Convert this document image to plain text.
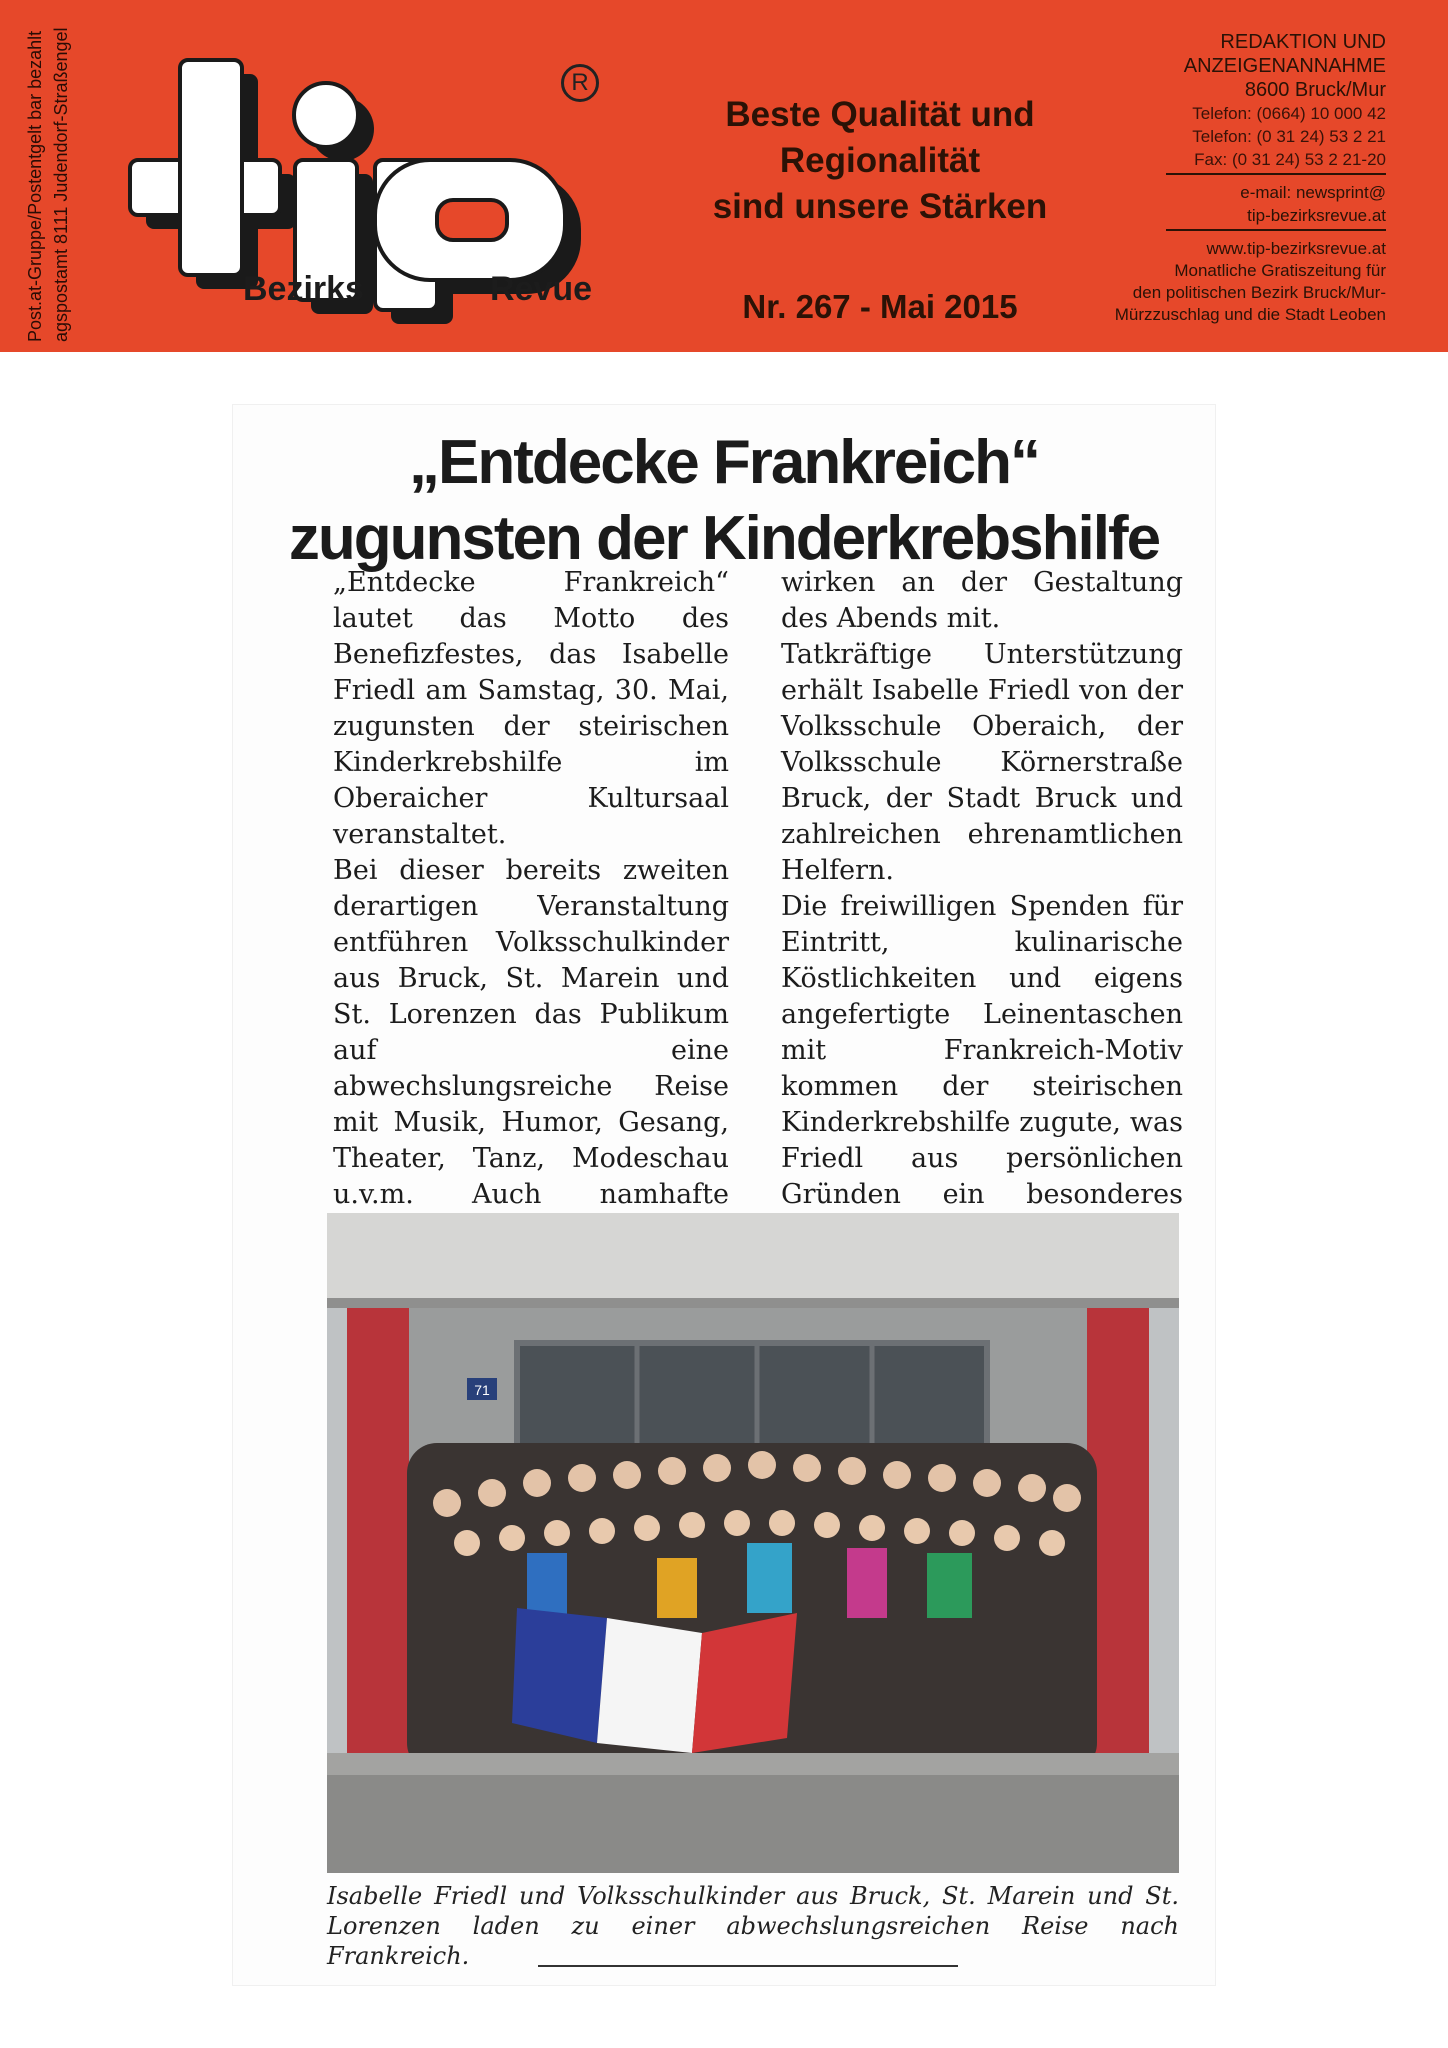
Post.at-Gruppe/Postentgelt bar bezahlt agspostamt 8111 Judendorf-Straßengel	tip
Bezirks	Revue
R
Beste Qualität und
Regionalität
sind unsere Stärken
Nr. 267 - Mai 2015
REDAKTION UND
ANZEIGENANNAHME
8600 Bruck/Mur
Telefon: (0664) 10 000 42
Telefon: (0 31 24) 53 2 21
Fax: (0 31 24) 53 2 21-20
e-mail: newsprint@
tip-bezirksrevue.at
www.tip-bezirksrevue.at
Monatliche Gratiszeitung für
den politischen Bezirk Bruck/Mur-
Mürzzuschlag und die Stadt Leoben
„Entdecke Frankreich“
zugunsten der Kinderkrebshilfe

„Entdecke Frankreich“ lautet das Motto des Benefizfestes, das Isabelle Friedl am Samstag, 30. Mai, zugunsten der steirischen Kinderkrebshilfe im Oberaicher Kultursaal veranstaltet.

Bei dieser bereits zweiten derartigen Veranstaltung entführen Volksschulkinder aus Bruck, St. Marein und St. Lorenzen das Publikum auf eine abwechslungsreiche Reise mit Musik, Humor, Gesang, Theater, Tanz, Modeschau u.v.m. Auch namhafte

wirken an der Gestaltung des Abends mit.

Tatkräftige Unterstützung erhält Isabelle Friedl von der Volksschule Oberaich, der Volksschule Körnerstraße Bruck, der Stadt Bruck und zahlreichen ehrenamtlichen Helfern.

Die freiwilligen Spenden für Eintritt, kulinarische Köstlichkeiten und eigens angefertigte Leinentaschen mit Frankreich-Motiv kommen der steirischen Kinderkrebshilfe zugute, was Friedl aus persönlichen Gründen ein besonderes

71
Isabelle Friedl und Volksschulkinder aus Bruck, St. Marein und St. Lorenzen laden zu einer abwechslungsreichen Reise nach Frankreich.
